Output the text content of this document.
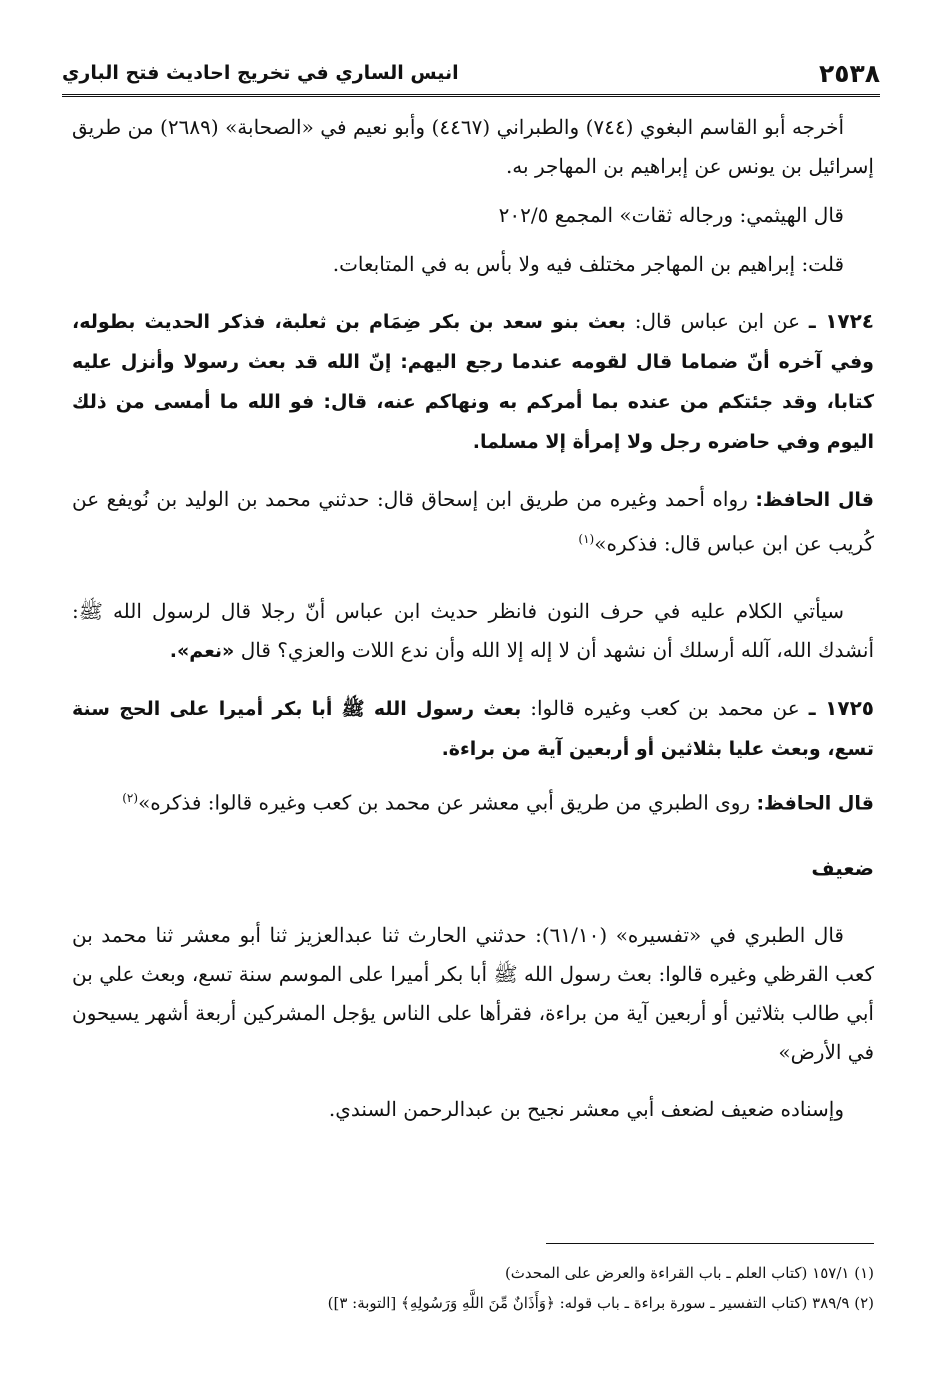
٢٥٣٨
انيس الساري في تخريج احاديث فتح الباري

أخرجه أبو القاسم البغوي (٧٤٤) والطبراني (٤٤٦٧) وأبو نعيم في «الصحابة» (٢٦٨٩) من طريق إسرائيل بن يونس عن إبراهيم بن المهاجر به.

قال الهيثمي: ورجاله ثقات» المجمع ٢٠٢/٥

قلت: إبراهيم بن المهاجر مختلف فيه ولا بأس به في المتابعات.

١٧٢٤ ـ عن ابن عباس قال: بعث بنو سعد بن بكر ضِمَام بن ثعلبة، فذكر الحديث بطوله، وفي آخره أنّ ضماما قال لقومه عندما رجع اليهم: إنّ الله قد بعث رسولا وأنزل عليه كتابا، وقد جئتكم من عنده بما أمركم به ونهاكم عنه، قال: فو الله ما أمسى من ذلك اليوم وفي حاضره رجل ولا إمرأة إلا مسلما.

قال الحافظ: رواه أحمد وغيره من طريق ابن إسحاق قال: حدثني محمد بن الوليد بن نُويفع عن كُريب عن ابن عباس قال: فذكره»$^{(١)}$

سيأتي الكلام عليه في حرف النون فانظر حديث ابن عباس أنّ رجلا قال لرسول الله ﷺ: أنشدك الله، آلله أرسلك أن نشهد أن لا إله إلا الله وأن ندع اللات والعزي؟ قال «نعم».

١٧٢٥ ـ عن محمد بن كعب وغيره قالوا: بعث رسول الله ﷺ أبا بكر أميرا على الحج سنة تسع، وبعث عليا بثلاثين أو أربعين آية من براءة.

قال الحافظ: روى الطبري من طريق أبي معشر عن محمد بن كعب وغيره قالوا: فذكره»$^{(٢)}$

ضعيف

قال الطبري في «تفسيره» (٦١/١٠): حدثني الحارث ثنا عبدالعزيز ثنا أبو معشر ثنا محمد بن كعب القرظي وغيره قالوا: بعث رسول الله ﷺ أبا بكر أميرا على الموسم سنة تسع، وبعث علي بن أبي طالب بثلاثين أو أربعين آية من براءة، فقرأها على الناس يؤجل المشركين أربعة أشهر يسيحون في الأرض»

وإسناده ضعيف لضعف أبي معشر نجيح بن عبدالرحمن السندي.

(١) ١٥٧/١ (كتاب العلم ـ باب القراءة والعرض على المحدث)

(٢) ٣٨٩/٩ (كتاب التفسير ـ سورة براءة ـ باب قوله: ﴿وَأَذَانٌ مِّنَ اللَّهِ وَرَسُولِهِ﴾ [التوبة: ٣])
